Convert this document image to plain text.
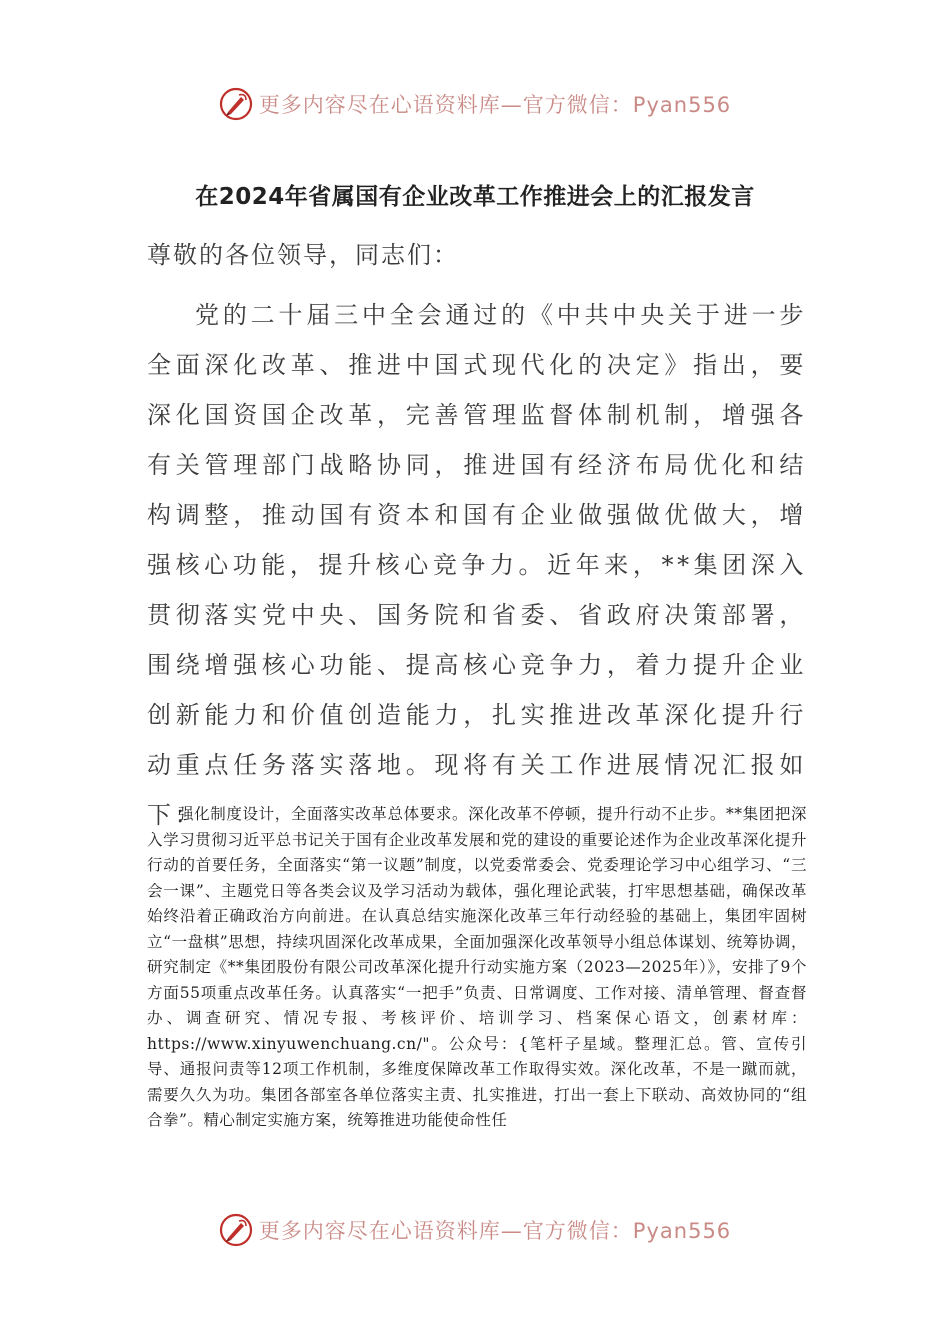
更多内容尽在心语资料库—官方微信：Pyan556
在2024年省属国有企业改革工作推进会上的汇报发言
尊敬的各位领导，同志们：

党的二十届三中全会通过的《中共中央关于进一步全面深化改革、推进中国式现代化的决定》指出，要深化国资国企改革，完善管理监督体制机制，增强各有关管理部门战略协同，推进国有经济布局优化和结构调整，推动国有资本和国有企业做强做优做大，增强核心功能，提升核心竞争力。近年来，**集团深入贯彻落实党中央、国务院和省委、省政府决策部署，围绕增强核心功能、提高核心竞争力，着力提升企业创新能力和价值创造能力，扎实推进改革深化提升行动重点任务落实落地。现将有关工作进展情况汇报如下：

强化制度设计，全面落实改革总体要求。深化改革不停顿，提升行动不止步。**集团把深入学习贯彻习近平总书记关于国有企业改革发展和党的建设的重要论述作为企业改革深化提升行动的首要任务，全面落实“第一议题”制度，以党委常委会、党委理论学习中心组学习、“三会一课”、主题党日等各类会议及学习活动为载体，强化理论武装，打牢思想基础，确保改革始终沿着正确政治方向前进。在认真总结实施深化改革三年行动经验的基础上，集团牢固树立“一盘棋”思想，持续巩固深化改革成果，全面加强深化改革领导小组总体谋划、统筹协调，研究制定《**集团股份有限公司改革深化提升行动实施方案（2023—2025年）》，安排了9个方面55项重点改革任务。认真落实“一把手”负责、日常调度、工作对接、清单管理、督查督办、调查研究、情况专报、考核评价、培训学习、档案保心语文，创素材库：https://www.xinyuwenchuang.cn/"。公众号：{笔杆子星域。整理汇总。管、宣传引导、通报问责等12项工作机制，多维度保障改革工作取得实效。深化改革，不是一蹴而就，需要久久为功。集团各部室各单位落实主责、扎实推进，打出一套上下联动、高效协同的“组合拳”。精心制定实施方案，统筹推进功能使命性任

更多内容尽在心语资料库—官方微信：Pyan556
